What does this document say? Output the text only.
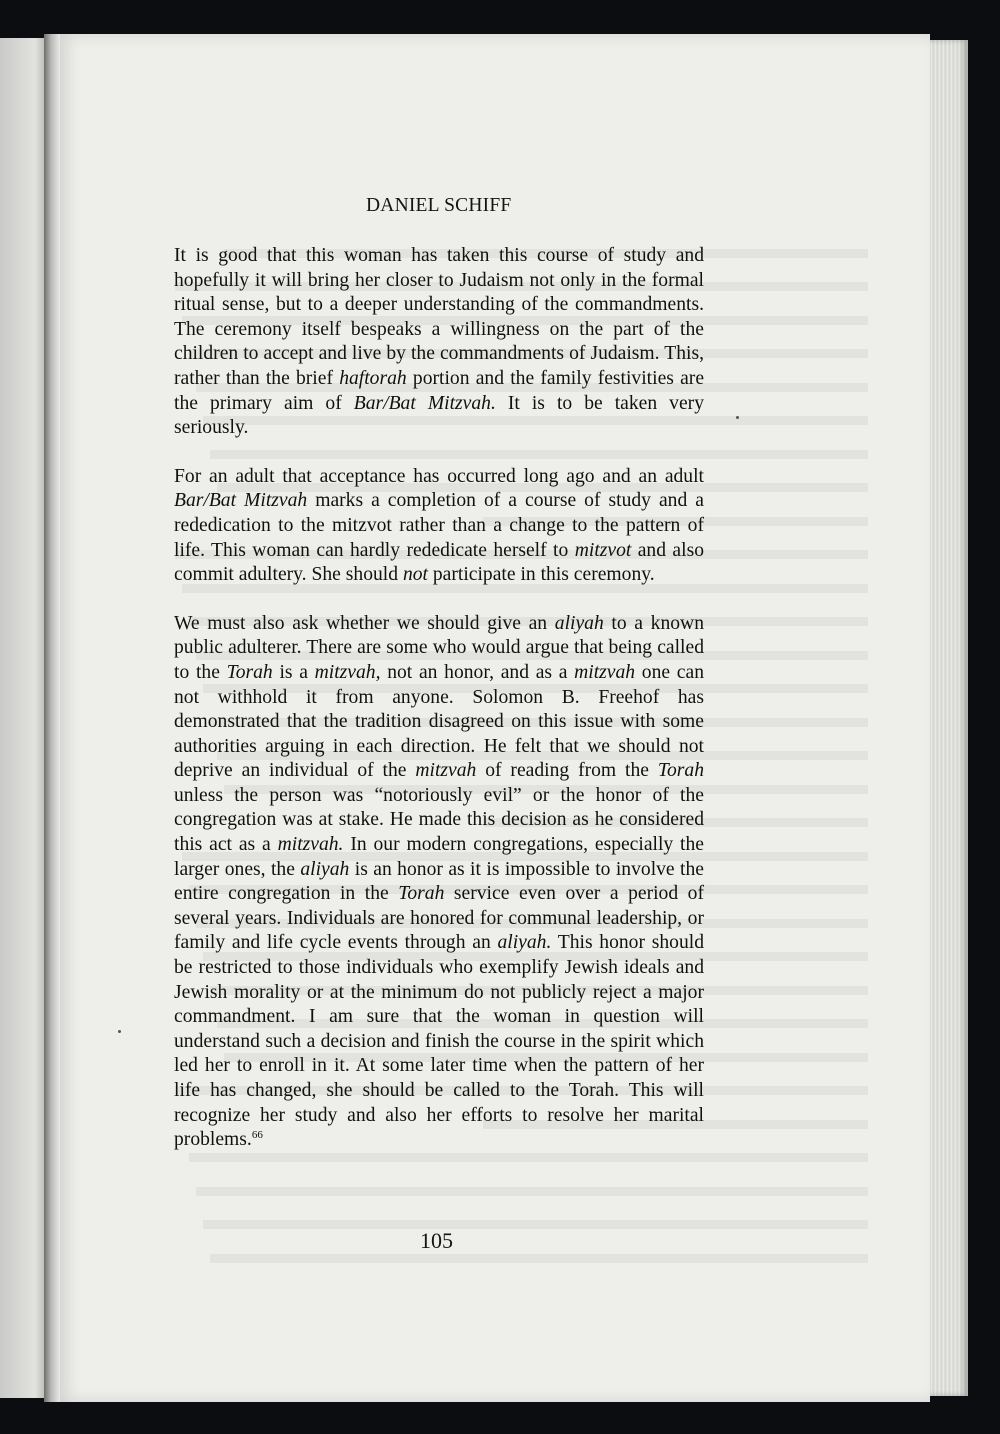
DANIEL SCHIFF

It is good that this woman has taken this course of study and hopefully it will bring her closer to Judaism not only in the formal ritual sense, but to a deeper understanding of the commandments. The ceremony itself bespeaks a willingness on the part of the children to accept and live by the commandments of Judaism. This, rather than the brief haftorah portion and the family festivities are the primary aim of Bar/Bat Mitzvah. It is to be taken very seriously.

For an adult that acceptance has occurred long ago and an adult Bar/Bat Mitzvah marks a completion of a course of study and a rededication to the mitzvot rather than a change to the pattern of life. This woman can hardly rededicate herself to mitzvot and also commit adultery. She should not participate in this ceremony.

We must also ask whether we should give an aliyah to a known public adulterer. There are some who would argue that being called to the Torah is a mitzvah, not an honor, and as a mitzvah one can not withhold it from anyone. Solomon B. Freehof has demonstrated that the tradition disagreed on this issue with some authorities arguing in each direction. He felt that we should not deprive an individual of the mitzvah of reading from the Torah unless the person was “notoriously evil” or the honor of the congregation was at stake. He made this decision as he considered this act as a mitzvah. In our modern congregations, especially the larger ones, the aliyah is an honor as it is impossible to involve the entire congregation in the Torah service even over a period of several years. Individuals are honored for communal leadership, or family and life cycle events through an aliyah. This honor should be restricted to those individuals who exemplify Jewish ideals and Jewish morality or at the minimum do not publicly reject a major commandment. I am sure that the woman in question will understand such a decision and finish the course in the spirit which led her to enroll in it. At some later time when the pattern of her life has changed, she should be called to the Torah. This will recognize her study and also her efforts to resolve her marital problems.$^{66}$

105
